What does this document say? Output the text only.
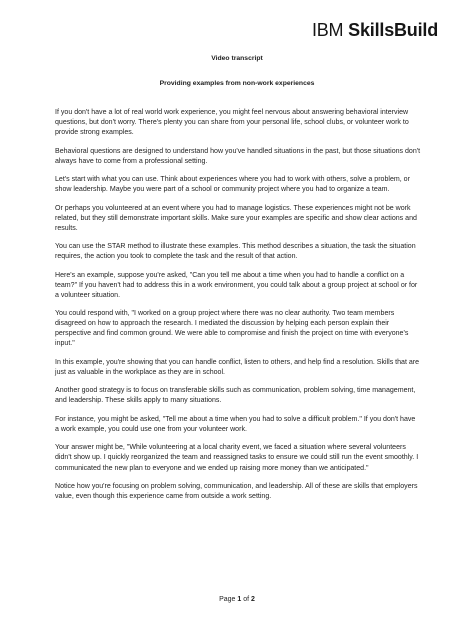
IBM SkillsBuild
Video transcript
Providing examples from non-work experiences

If you don't have a lot of real world work experience, you might feel nervous about answering behavioral interview questions, but don't worry. There's plenty you can share from your personal life, school clubs, or volunteer work to provide strong examples.

Behavioral questions are designed to understand how you've handled situations in the past, but those situations don't always have to come from a professional setting.

Let's start with what you can use. Think about experiences where you had to work with others, solve a problem, or show leadership. Maybe you were part of a school or community project where you had to organize a team.

Or perhaps you volunteered at an event where you had to manage logistics. These experiences might not be work related, but they still demonstrate important skills. Make sure your examples are specific and show clear actions and results.

You can use the STAR method to illustrate these examples. This method describes a situation, the task the situation requires, the action you took to complete the task and the result of that action.

Here's an example, suppose you're asked, "Can you tell me about a time when you had to handle a conflict on a team?" If you haven't had to address this in a work environment, you could talk about a group project at school or for a volunteer situation.

You could respond with, "I worked on a group project where there was no clear authority. Two team members disagreed on how to approach the research. I mediated the discussion by helping each person explain their perspective and find common ground. We were able to compromise and finish the project on time with everyone's input."

In this example, you're showing that you can handle conflict, listen to others, and help find a resolution. Skills that are just as valuable in the workplace as they are in school.

Another good strategy is to focus on transferable skills such as communication, problem solving, time management, and leadership. These skills apply to many situations.

For instance, you might be asked, "Tell me about a time when you had to solve a difficult problem." If you don't have a work example, you could use one from your volunteer work.

Your answer might be, "While volunteering at a local charity event, we faced a situation where several volunteers didn't show up. I quickly reorganized the team and reassigned tasks to ensure we could still run the event smoothly. I communicated the new plan to everyone and we ended up raising more money than we anticipated."

Notice how you're focusing on problem solving, communication, and leadership. All of these are skills that employers value, even though this experience came from outside a work setting.

Page 1 of 2
